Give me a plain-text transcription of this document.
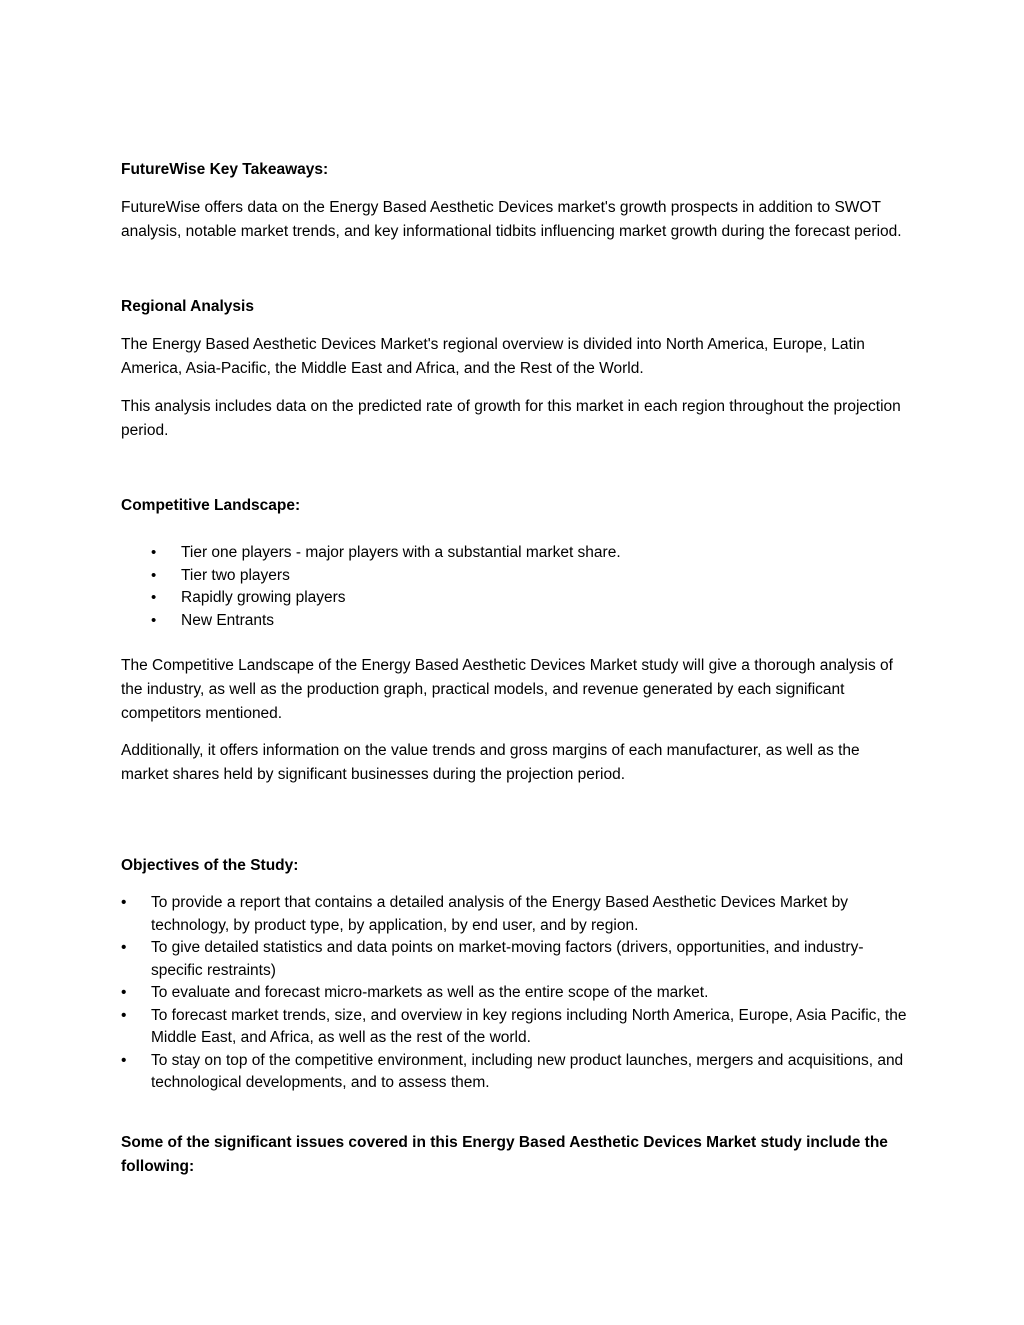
FutureWise Key Takeaways:

FutureWise offers data on the Energy Based Aesthetic Devices market's growth prospects in addition to SWOT analysis, notable market trends, and key informational tidbits influencing market growth during the forecast period.

Regional Analysis

The Energy Based Aesthetic Devices Market's regional overview is divided into North America, Europe, Latin America, Asia-Pacific, the Middle East and Africa, and the Rest of the World.

This analysis includes data on the predicted rate of growth for this market in each region throughout the projection period.

Competitive Landscape:
• Tier one players - major players with a substantial market share.
• Tier two players
• Rapidly growing players
• New Entrants

The Competitive Landscape of the Energy Based Aesthetic Devices Market study will give a thorough analysis of the industry, as well as the production graph, practical models, and revenue generated by each significant competitors mentioned.

Additionally, it offers information on the value trends and gross margins of each manufacturer, as well as the market shares held by significant businesses during the projection period.

Objectives of the Study:
• To provide a report that contains a detailed analysis of the Energy Based Aesthetic Devices Market by technology, by product type, by application, by end user, and by region.
• To give detailed statistics and data points on market-moving factors (drivers, opportunities, and industry-specific restraints)
• To evaluate and forecast micro-markets as well as the entire scope of the market.
• To forecast market trends, size, and overview in key regions including North America, Europe, Asia Pacific, the Middle East, and Africa, as well as the rest of the world.
• To stay on top of the competitive environment, including new product launches, mergers and acquisitions, and technological developments, and to assess them.
Some of the significant issues covered in this Energy Based Aesthetic Devices Market study include the following:
